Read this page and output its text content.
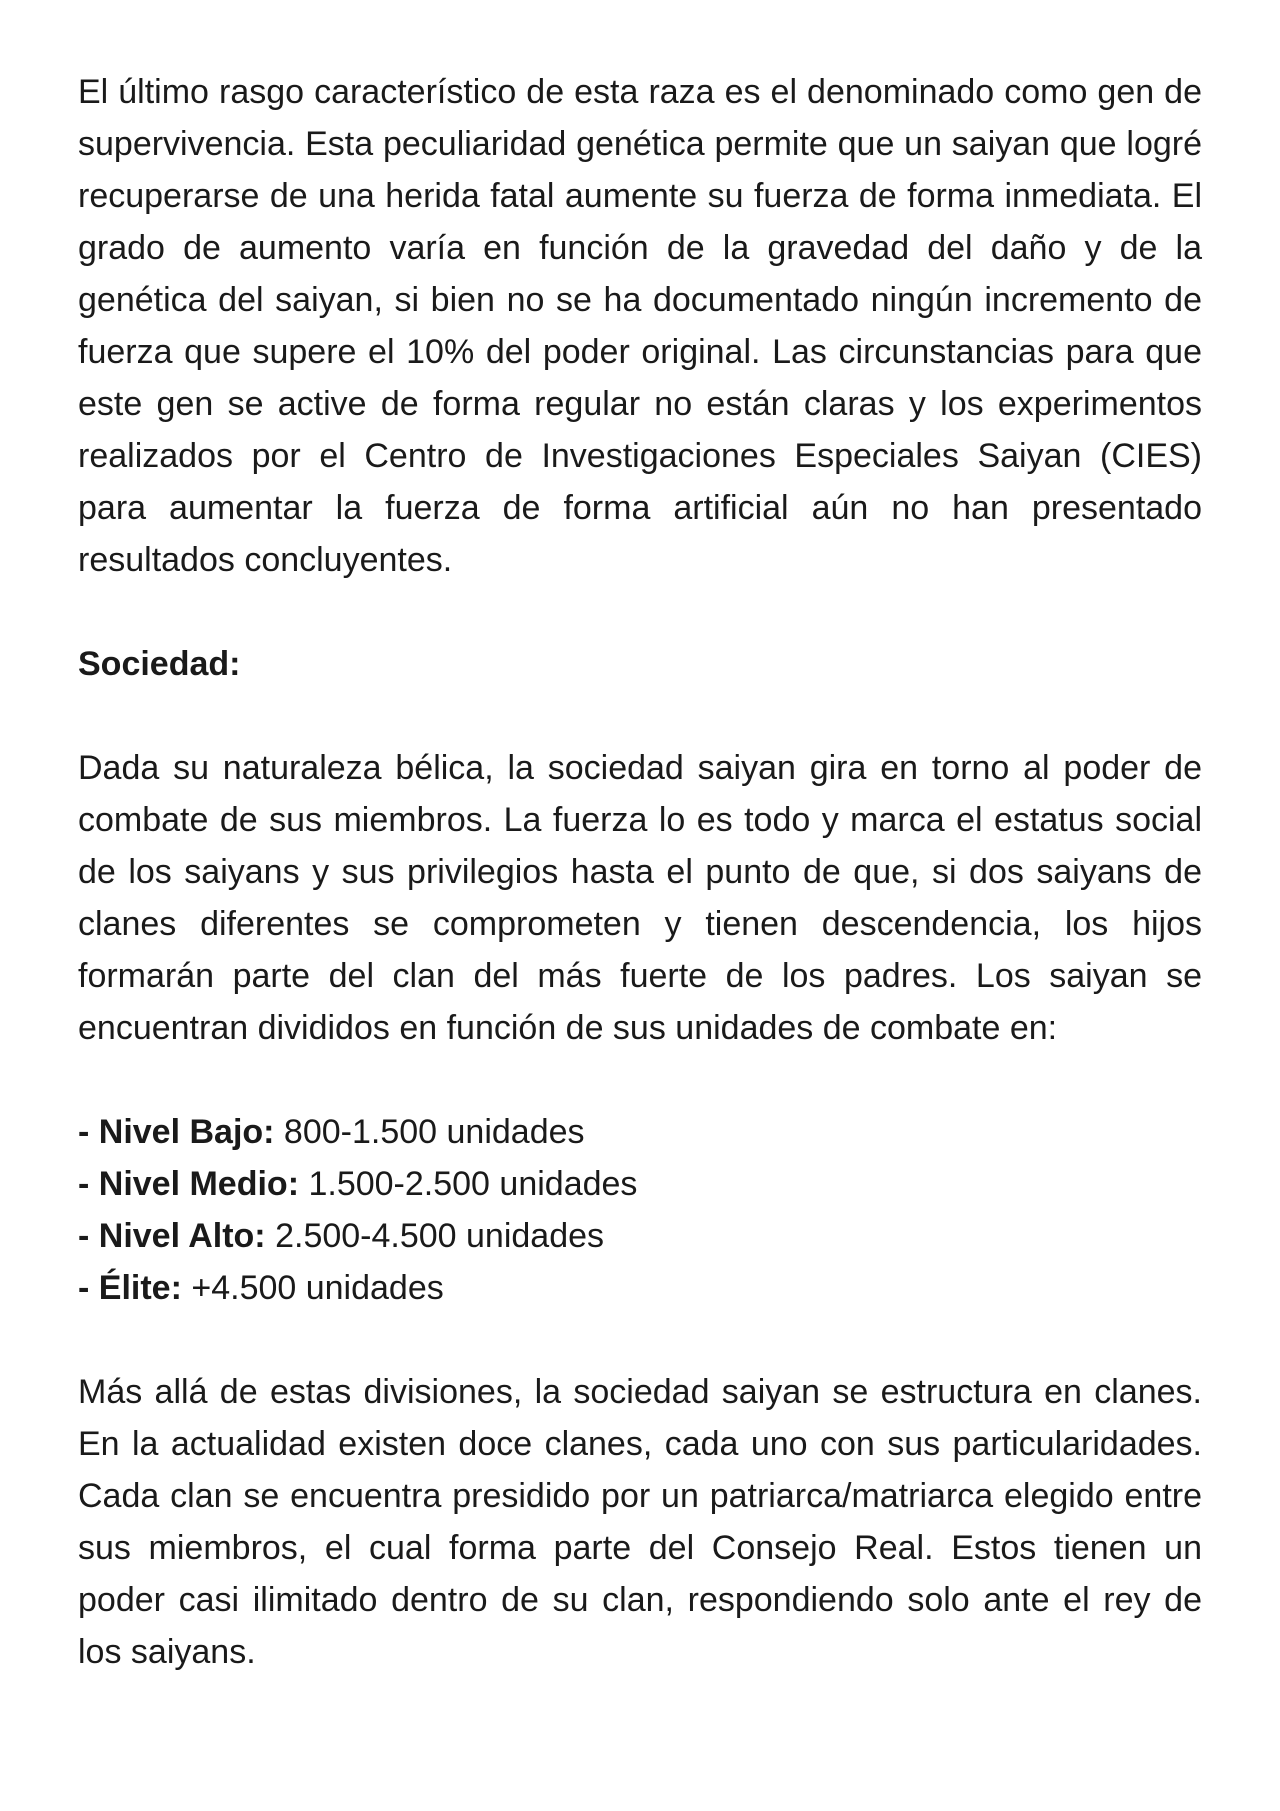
El último rasgo característico de esta raza es el denominado como gen de supervivencia. Esta peculiaridad genética permite que un saiyan que logré recuperarse de una herida fatal aumente su fuerza de forma inmediata. El grado de aumento varía en función de la gravedad del daño y de la genética del saiyan, si bien no se ha documentado ningún incremento de fuerza que supere el 10% del poder original. Las circunstancias para que este gen se active de forma regular no están claras y los experimentos realizados por el Centro de Investigaciones Especiales Saiyan (CIES) para aumentar la fuerza de forma artificial aún no han presentado resultados concluyentes.

Sociedad:

Dada su naturaleza bélica, la sociedad saiyan gira en torno al poder de combate de sus miembros. La fuerza lo es todo y marca el estatus social de los saiyans y sus privilegios hasta el punto de que, si dos saiyans de clanes diferentes se comprometen y tienen descendencia, los hijos formarán parte del clan del más fuerte de los padres. Los saiyan se encuentran divididos en función de sus unidades de combate en:

- Nivel Bajo: 800-1.500 unidades

- Nivel Medio: 1.500-2.500 unidades

- Nivel Alto: 2.500-4.500 unidades

- Élite: +4.500 unidades

Más allá de estas divisiones, la sociedad saiyan se estructura en clanes. En la actualidad existen doce clanes, cada uno con sus particularidades. Cada clan se encuentra presidido por un patriarca/matriarca elegido entre sus miembros, el cual forma parte del Consejo Real. Estos tienen un poder casi ilimitado dentro de su clan, respondiendo solo ante el rey de los saiyans.
